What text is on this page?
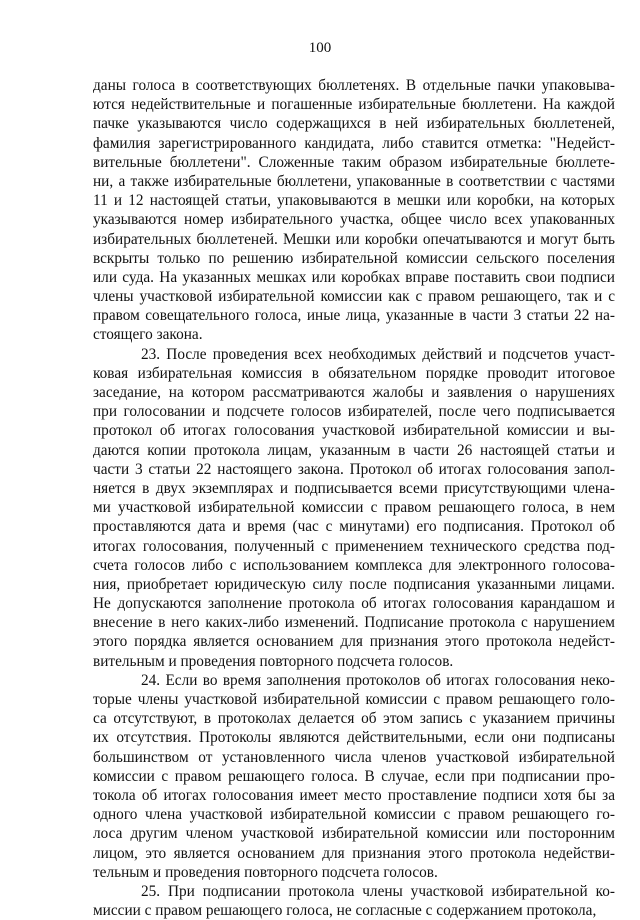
100
даны голоса в соответствующих бюллетенях. В отдельные пачки упаковыва-
ются недействительные и погашенные избирательные бюллетени. На каждой
пачке указываются число содержащихся в ней избирательных бюллетеней,
фамилия зарегистрированного кандидата, либо ставится отметка: "Недейст-
вительные бюллетени". Сложенные таким образом избирательные бюллете-
ни, а также избирательные бюллетени, упакованные в соответствии с частями
11 и 12 настоящей статьи, упаковываются в мешки или коробки, на которых
указываются номер избирательного участка, общее число всех упакованных
избирательных бюллетеней. Мешки или коробки опечатываются и могут быть
вскрыты только по решению избирательной комиссии сельского поселения
или суда. На указанных мешках или коробках вправе поставить свои подписи
члены участковой избирательной комиссии как с правом решающего, так и с
правом совещательного голоса, иные лица, указанные в части 3 статьи 22 на-
стоящего закона.
23. После проведения всех необходимых действий и подсчетов участ-
ковая избирательная комиссия в обязательном порядке проводит итоговое
заседание, на котором рассматриваются жалобы и заявления о нарушениях
при голосовании и подсчете голосов избирателей, после чего подписывается
протокол об итогах голосования участковой избирательной комиссии и вы-
даются копии протокола лицам, указанным в части 26 настоящей статьи и
части 3 статьи 22 настоящего закона. Протокол об итогах голосования запол-
няется в двух экземплярах и подписывается всеми присутствующими члена-
ми участковой избирательной комиссии с правом решающего голоса, в нем
проставляются дата и время (час с минутами) его подписания. Протокол об
итогах голосования, полученный с применением технического средства под-
счета голосов либо с использованием комплекса для электронного голосова-
ния, приобретает юридическую силу после подписания указанными лицами.
Не допускаются заполнение протокола об итогах голосования карандашом и
внесение в него каких-либо изменений. Подписание протокола с нарушением
этого порядка является основанием для признания этого протокола недейст-
вительным и проведения повторного подсчета голосов.
24. Если во время заполнения протоколов об итогах голосования неко-
торые члены участковой избирательной комиссии с правом решающего голо-
са отсутствуют, в протоколах делается об этом запись с указанием причины
их отсутствия. Протоколы являются действительными, если они подписаны
большинством от установленного числа членов участковой избирательной
комиссии с правом решающего голоса. В случае, если при подписании про-
токола об итогах голосования имеет место проставление подписи хотя бы за
одного члена участковой избирательной комиссии с правом решающего го-
лоса другим членом участковой избирательной комиссии или посторонним
лицом, это является основанием для признания этого протокола недействи-
тельным и проведения повторного подсчета голосов.
25. При подписании протокола члены участковой избирательной ко-
миссии с правом решающего голоса, не согласные с содержанием протокола,
